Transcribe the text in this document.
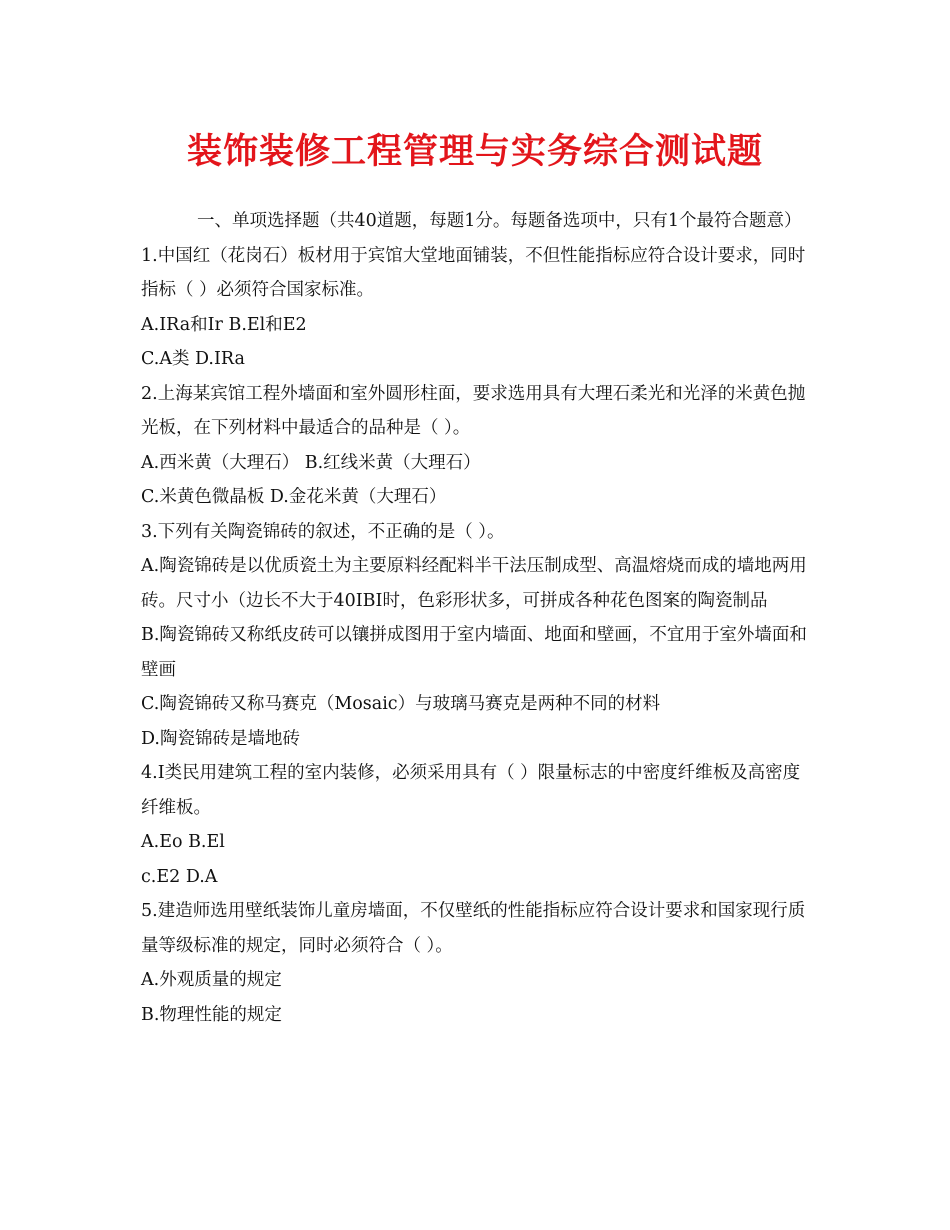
装饰装修工程管理与实务综合测试题

一、单项选择题（共40道题，每题1分。每题备选项中，只有1个最符合题意）

1.中国红（花岗石）板材用于宾馆大堂地面铺装，不但性能指标应符合设计要求，同时指标（ ）必须符合国家标准。

A.IRa和Ir B.El和E2

C.A类 D.IRa

2.上海某宾馆工程外墙面和室外圆形柱面，要求选用具有大理石柔光和光泽的米黄色抛光板，在下列材料中最适合的品种是（ ）。

A.西米黄（大理石） B.红线米黄（大理石）

C.米黄色微晶板 D.金花米黄（大理石）

3.下列有关陶瓷锦砖的叙述，不正确的是（ ）。

A.陶瓷锦砖是以优质瓷土为主要原料经配料半干法压制成型、高温熔烧而成的墙地两用砖。尺寸小（边长不大于40IBI时，色彩形状多，可拼成各种花色图案的陶瓷制品

B.陶瓷锦砖又称纸皮砖可以镶拼成图用于室内墙面、地面和壁画，不宜用于室外墙面和壁画

C.陶瓷锦砖又称马赛克（Mosaic）与玻璃马赛克是两种不同的材料

D.陶瓷锦砖是墙地砖

4.I类民用建筑工程的室内装修，必须采用具有（ ）限量标志的中密度纤维板及高密度纤维板。

A.Eo B.El

c.E2 D.A

5.建造师选用壁纸装饰儿童房墙面，不仅壁纸的性能指标应符合设计要求和国家现行质量等级标准的规定，同时必须符合（ ）。

A.外观质量的规定

B.物理性能的规定
